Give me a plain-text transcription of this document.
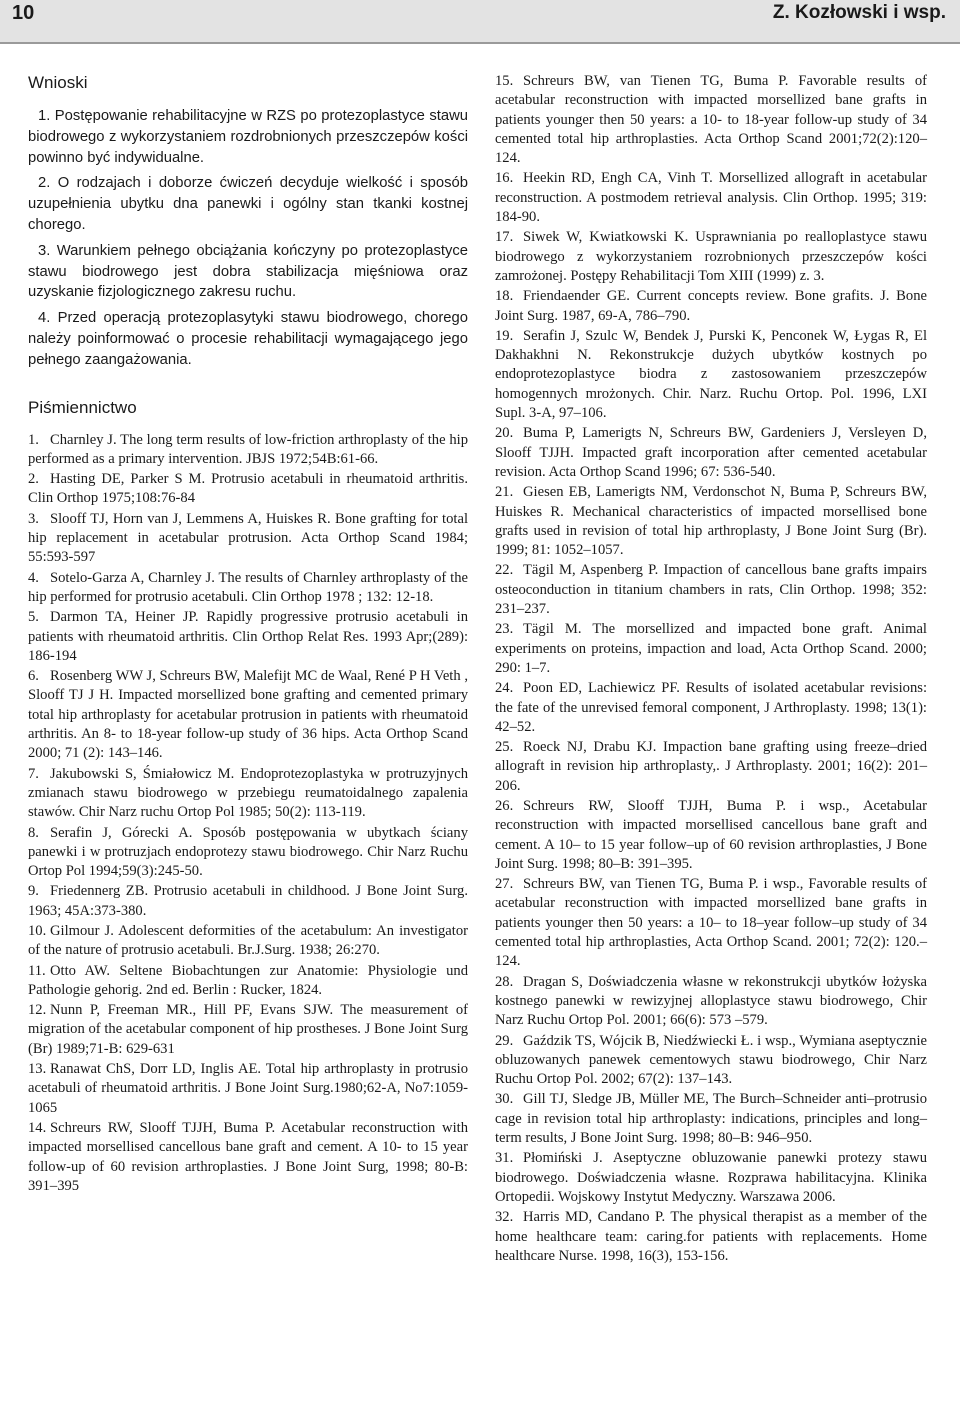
10	Z. Kozłowski i wsp.
Wnioski

1. Postępowanie rehabilitacyjne w RZS po protezoplastyce stawu biodrowego z wykorzystaniem rozdrobnionych przeszczepów kości powinno być indywidualne.

2. O rodzajach i doborze ćwiczeń decyduje wielkość i sposób uzupełnienia ubytku dna panewki i ogólny stan tkanki kostnej chorego.

3. Warunkiem pełnego obciążania kończyny po protezoplastyce stawu biodrowego jest dobra stabilizacja mięśniowa oraz uzyskanie fizjologicznego zakresu ruchu.

4. Przed operacją protezoplasytyki stawu biodrowego, chorego należy poinformować o procesie rehabilitacji wymagającego jego pełnego zaangażowania.

Piśmiennictwo

1. Charnley J. The long term results of low-friction arthroplasty of the hip performed as a primary intervention. JBJS 1972;54B:61-66.

2. Hasting DE, Parker S M. Protrusio acetabuli in rheumatoid arthritis. Clin Orthop 1975;108:76-84

3. Slooff TJ, Horn van J, Lemmens A, Huiskes R. Bone grafting for total hip replacement in acetabular protrusion. Acta Orthop Scand 1984; 55:593-597

4. Sotelo-Garza A, Charnley J. The results of Charnley arthroplasty of the hip performed for protrusio acetabuli. Clin Orthop 1978 ; 132: 12-18.

5. Darmon TA, Heiner JP. Rapidly progressive protrusio acetabuli in patients with rheumatoid arthritis. Clin Orthop Relat Res. 1993 Apr;(289): 186-194

6. Rosenberg WW J, Schreurs BW, Malefijt MC de Waal, René P H Veth , Slooff TJ J H. Impacted morsellized bone grafting and cemented primary total hip arthroplasty for acetabular protrusion in patients with rheumatoid arthritis. An 8- to 18-year follow-up study of 36 hips. Acta Orthop Scand 2000; 71 (2): 143–146.

7. Jakubowski S, Śmiałowicz M. Endoprotezoplastyka w protruzyjnych zmianach stawu biodrowego w przebiegu reumatoidalnego zapalenia stawów. Chir Narz ruchu Ortop Pol 1985; 50(2): 113-119.

8. Serafin J, Górecki A. Sposób postępowania w ubytkach ściany panewki i w protruzjach endoprotezy stawu biodrowego. Chir Narz Ruchu Ortop Pol 1994;59(3):245-50.

9. Friedennerg ZB. Protrusio acetabuli in childhood. J Bone Joint Surg. 1963; 45A:373-380.

10. Gilmour J. Adolescent deformities of the acetabulum: An investigator of the nature of protrusio acetabuli. Br.J.Surg. 1938; 26:270.

11. Otto AW. Seltene Biobachtungen zur Anatomie: Physiologie und Pathologie gehorig. 2nd ed. Berlin : Rucker, 1824.

12. Nunn P, Freeman MR., Hill PF, Evans SJW. The measurement of migration of the acetabular component of hip prostheses. J Bone Joint Surg (Br) 1989;71-B: 629-631

13. Ranawat ChS, Dorr LD, Inglis AE. Total hip arthroplasty in protrusio acetabuli of rheumatoid arthritis. J Bone Joint Surg.1980;62-A, No7:1059-1065

14. Schreurs RW, Slooff TJJH, Buma P. Acetabular reconstruction with impacted morsellised cancellous bane graft and cement. A 10- to 15 year follow-up of 60 revision arthroplasties. J Bone Joint Surg, 1998; 80-B: 391–395

15. Schreurs BW, van Tienen TG, Buma P. Favorable results of acetabular reconstruction with impacted morsellized bane grafts in patients younger then 50 years: a 10- to 18-year follow-up study of 34 cemented total hip arthroplasties. Acta Orthop Scand 2001;72(2):120–124.

16. Heekin RD, Engh CA, Vinh T. Morsellized allograft in acetabular reconstruction. A postmodem retrieval analysis. Clin Orthop. 1995; 319: 184-90.

17. Siwek W, Kwiatkowski K. Usprawniania po realloplastyce stawu biodrowego z wykorzystaniem rozrobnionych przeszczepów kości zamrożonej. Postępy Rehabilitacji Tom XIII (1999) z. 3.

18. Friendaender GE. Current concepts review. Bone grafits. J. Bone Joint Surg. 1987, 69-A, 786–790.

19. Serafin J, Szulc W, Bendek J, Purski K, Penconek W, Łygas R, El Dakhakhni N. Rekonstrukcje dużych ubytków kostnych po endoprotezoplastyce biodra z zastosowaniem przeszczepów homogennych mrożonych. Chir. Narz. Ruchu Ortop. Pol. 1996, LXI Supl. 3-A, 97–106.

20. Buma P, Lamerigts N, Schreurs BW, Gardeniers J, Versleyen D, Slooff TJJH. Impacted graft incorporation after cemented acetabular revision. Acta Orthop Scand 1996; 67: 536-540.

21. Giesen EB, Lamerigts NM, Verdonschot N, Buma P, Schreurs BW, Huiskes R. Mechanical characteristics of impacted morsellised bone grafts used in revision of total hip arthroplasty, J Bone Joint Surg (Br). 1999; 81: 1052–1057.

22. Tägil M, Aspenberg P. Impaction of cancellous bane grafts impairs osteoconduction in titanium chambers in rats, Clin Orthop. 1998; 352: 231–237.

23. Tägil M. The morsellized and impacted bone graft. Animal experiments on proteins, impaction and load, Acta Orthop Scand. 2000; 290: 1–7.

24. Poon ED, Lachiewicz PF. Results of isolated acetabular revisions: the fate of the unrevised femoral component, J Arthroplasty. 1998; 13(1): 42–52.

25. Roeck NJ, Drabu KJ. Impaction bane grafting using freeze–dried allograft in revision hip arthroplasty,. J Arthroplasty. 2001; 16(2): 201–206.

26. Schreurs RW, Slooff TJJH, Buma P. i wsp., Acetabular reconstruction with impacted morsellised cancellous bane graft and cement. A 10– to 15 year follow–up of 60 revision arthroplasties, J Bone Joint Surg. 1998; 80–B: 391–395.

27. Schreurs BW, van Tienen TG, Buma P. i wsp., Favorable results of acetabular reconstruction with impacted morsellized bane grafts in patients younger then 50 years: a 10– to 18–year follow–up study of 34 cemented total hip arthroplasties, Acta Orthop Scand. 2001; 72(2): 120.–124.

28. Dragan S, Doświadczenia własne w rekonstrukcji ubytków łożyska kostnego panewki w rewizyjnej alloplastyce stawu biodrowego, Chir Narz Ruchu Ortop Pol. 2001; 66(6): 573 –579.

29. Gaździk TS, Wójcik B, Niedźwiecki Ł. i wsp., Wymiana aseptycznie obluzowanych panewek cementowych stawu biodrowego, Chir Narz Ruchu Ortop Pol. 2002; 67(2): 137–143.

30. Gill TJ, Sledge JB, Müller ME, The Burch–Schneider anti–protrusio cage in revision total hip arthroplasty: indications, principles and long–term results, J Bone Joint Surg. 1998; 80–B: 946–950.

31. Płomiński J. Aseptyczne obluzowanie panewki protezy stawu biodrowego. Doświadczenia własne. Rozprawa habilitacyjna. Klinika Ortopedii. Wojskowy Instytut Medyczny. Warszawa 2006.

32. Harris MD, Candano P. The physical therapist as a member of the home healthcare team: caring.for patients with replacements. Home healthcare Nurse. 1998, 16(3), 153-156.
